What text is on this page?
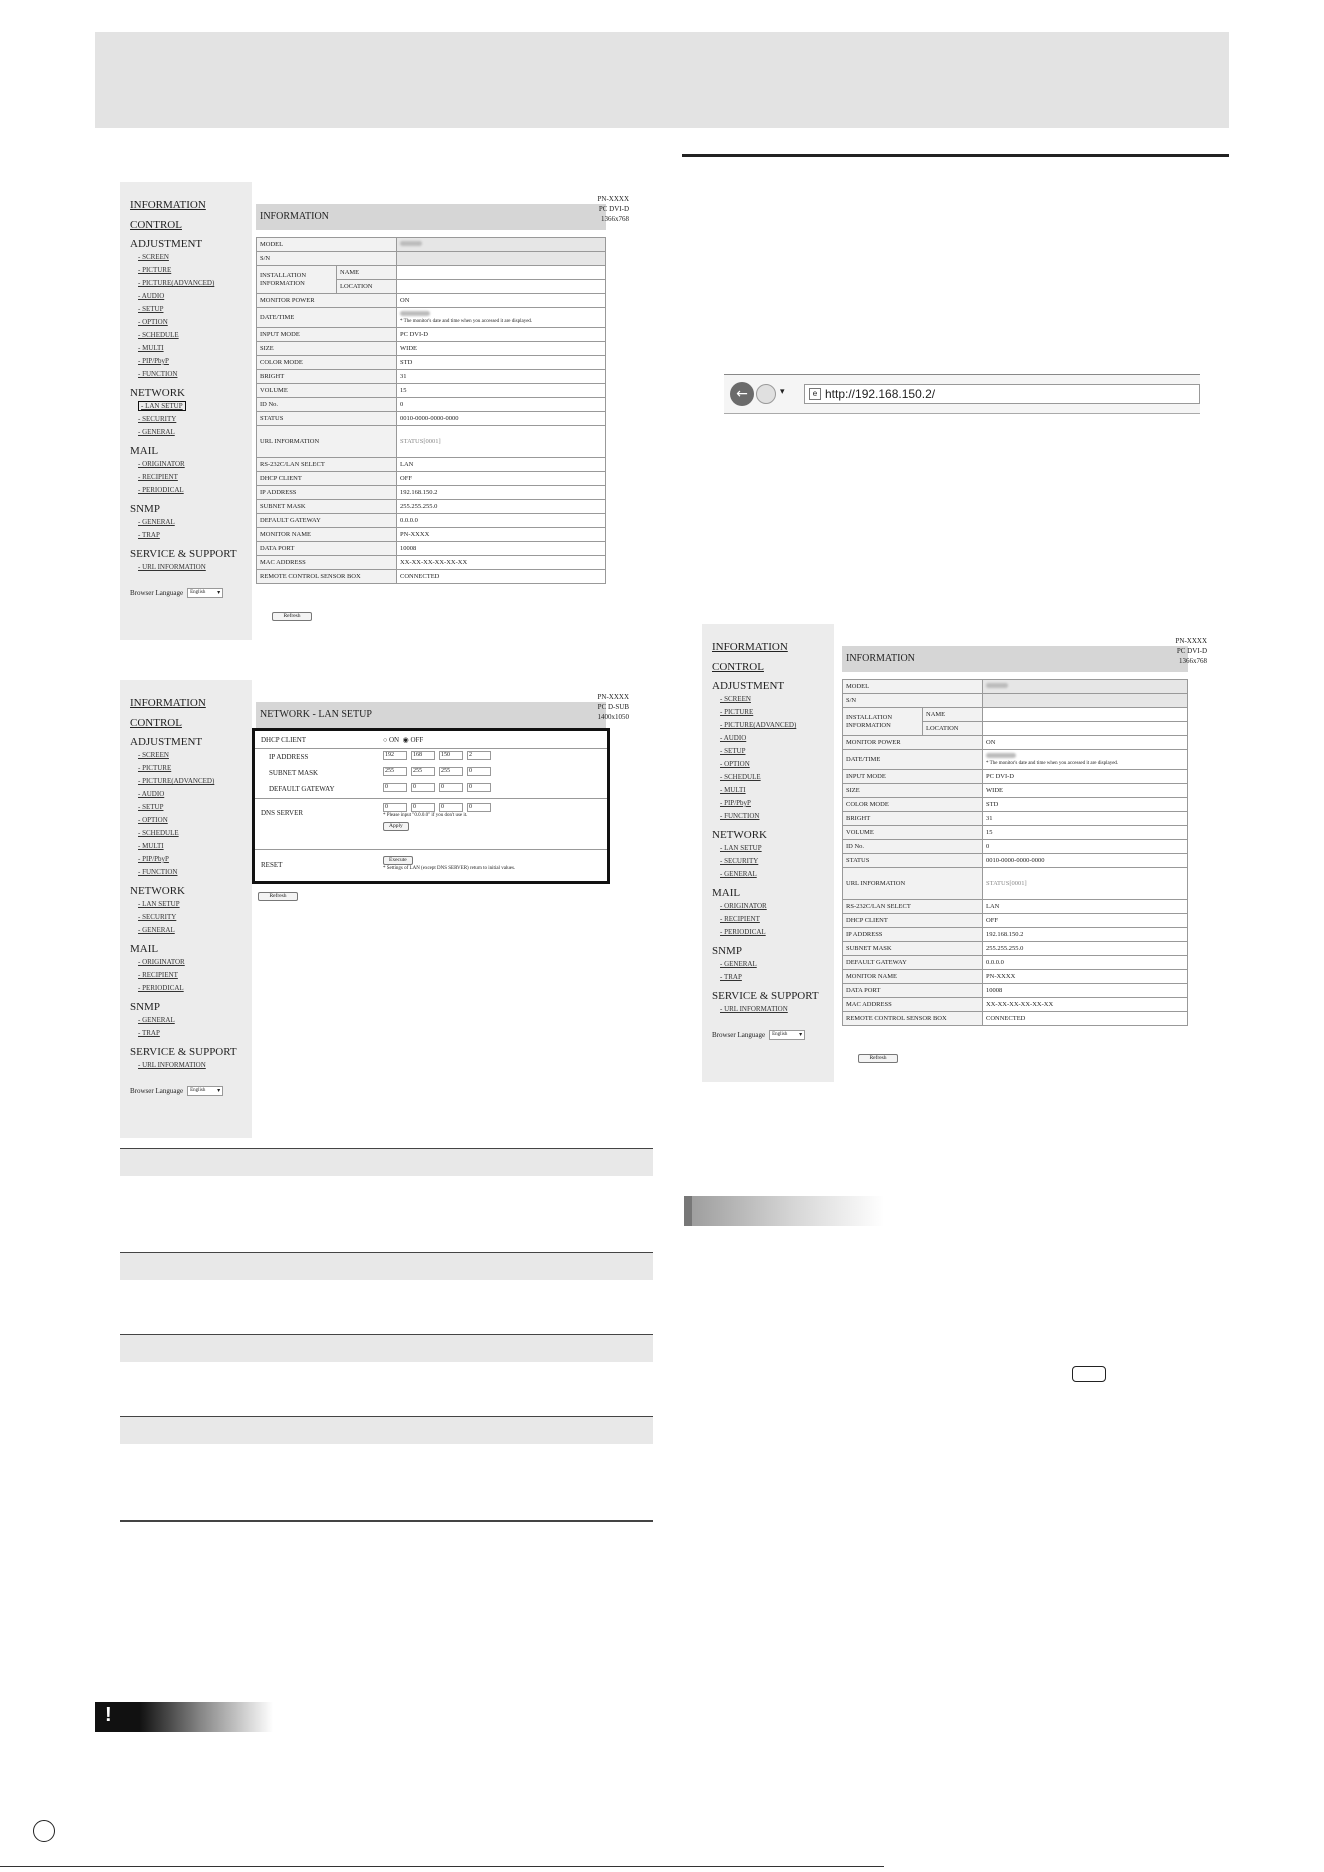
INFORMATION
CONTROL
ADJUSTMENT
- SCREEN
- PICTURE
- PICTURE(ADVANCED)
- AUDIO
- SETUP
- OPTION
- SCHEDULE
- MULTI
- PIP/PbyP
- FUNCTION
NETWORK
- LAN SETUP
- SECURITY
- GENERAL
MAIL
- ORIGINATOR
- RECIPIENT
- PERIODICAL
SNMP
- GENERAL
- TRAP
SERVICE & SUPPORT
- URL INFORMATION
Browser Language	English ▾
INFORMATION
PN-XXXX
PC DVI-D
1366x768
MODEL		
S/N		
INSTALLATION INFORMATION	NAME	
	LOCATION	
MONITOR POWER		ON
DATE/TIME		* The monitor's date and time when you accessed it are displayed.

INPUT MODE		PC DVI-D
SIZE		WIDE
COLOR MODE		STD
BRIGHT		31
VOLUME		15
ID No.		0
STATUS		0010-0000-0000-0000
URL INFORMATION		STATUS[0001]
RS-232C/LAN SELECT		LAN
DHCP CLIENT		OFF
IP ADDRESS		192.168.150.2
SUBNET MASK		255.255.255.0
DEFAULT GATEWAY		0.0.0.0
MONITOR NAME		PN-XXXX
DATA PORT		10008
MAC ADDRESS		XX-XX-XX-XX-XX-XX
REMOTE CONTROL SENSOR BOX		CONNECTED
Refresh
INFORMATION
CONTROL
ADJUSTMENT
- SCREEN
- PICTURE
- PICTURE(ADVANCED)
- AUDIO
- SETUP
- OPTION
- SCHEDULE
- MULTI
- PIP/PbyP
- FUNCTION
NETWORK
- LAN SETUP
- SECURITY
- GENERAL
MAIL
- ORIGINATOR
- RECIPIENT
- PERIODICAL
SNMP
- GENERAL
- TRAP
SERVICE & SUPPORT
- URL INFORMATION
Browser Language	English ▾
NETWORK - LAN SETUP
PN-XXXX
PC D-SUB
1400x1050
DHCP CLIENT	○ ON ◉ OFF
IP ADDRESS	192	168	150	2
SUBNET MASK	255	255	255	0
DEFAULT GATEWAY	0	0	0	0
DNS SERVER
0	0	0	0
* Please input "0.0.0.0" if you don't use it.
Apply
RESET
Execute
* Settings of LAN (except DNS SERVER) return to initial values.
Refresh
←	▾	e http://192.168.150.2/
INFORMATION
CONTROL
ADJUSTMENT
- SCREEN
- PICTURE
- PICTURE(ADVANCED)
- AUDIO
- SETUP
- OPTION
- SCHEDULE
- MULTI
- PIP/PbyP
- FUNCTION
NETWORK
- LAN SETUP
- SECURITY
- GENERAL
MAIL
- ORIGINATOR
- RECIPIENT
- PERIODICAL
SNMP
- GENERAL
- TRAP
SERVICE & SUPPORT
- URL INFORMATION
Browser Language	English ▾
INFORMATION
PN-XXXX
PC DVI-D
1366x768
MODEL		
S/N		
INSTALLATION INFORMATION	NAME	
	LOCATION	
MONITOR POWER		ON
DATE/TIME		* The monitor's date and time when you accessed it are displayed.

INPUT MODE		PC DVI-D
SIZE		WIDE
COLOR MODE		STD
BRIGHT		31
VOLUME		15
ID No.		0
STATUS		0010-0000-0000-0000
URL INFORMATION		STATUS[0001]
RS-232C/LAN SELECT		LAN
DHCP CLIENT		OFF
IP ADDRESS		192.168.150.2
SUBNET MASK		255.255.255.0
DEFAULT GATEWAY		0.0.0.0
MONITOR NAME		PN-XXXX
DATA PORT		10008
MAC ADDRESS		XX-XX-XX-XX-XX-XX
REMOTE CONTROL SENSOR BOX		CONNECTED
Refresh
!
